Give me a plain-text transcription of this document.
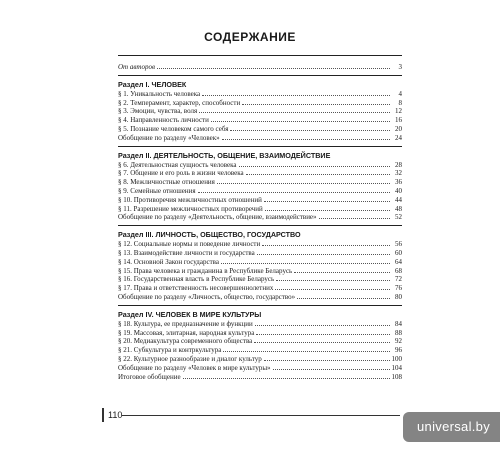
СОДЕРЖАНИЕ
От авторов	3
Раздел I. ЧЕЛОВЕК
§ 1. Уникальность человека	4
§ 2. Темперамент, характер, способности	8
§ 3. Эмоции, чувства, воля	12
§ 4. Направленность личности	16
§ 5. Познание человеком самого себя	20
Обобщение по разделу «Человек»	24
Раздел II. ДЕЯТЕЛЬНОСТЬ, ОБЩЕНИЕ, ВЗАИМОДЕЙСТВИЕ
§ 6. Деятельностная сущность человека	28
§ 7. Общение и его роль в жизни человека	32
§ 8. Межличностные отношения	36
§ 9. Семейные отношения	40
§ 10. Противоречия межличностных отношений	44
§ 11. Разрешение межличностных противоречий	48
Обобщение по разделу «Деятельность, общение, взаимодействие»	52
Раздел III. ЛИЧНОСТЬ, ОБЩЕСТВО, ГОСУДАРСТВО
§ 12. Социальные нормы и поведение личности	56
§ 13. Взаимодействие личности и государства	60
§ 14. Основной Закон государства	64
§ 15. Права человека и гражданина в Республике Беларусь	68
§ 16. Государственная власть в Республике Беларусь	72
§ 17. Права и ответственность несовершеннолетних	76
Обобщение по разделу «Личность, общество, государство»	80
Раздел IV. ЧЕЛОВЕК В МИРЕ КУЛЬТУРЫ
§ 18. Культура, ее предназначение и функции	84
§ 19. Массовая, элитарная, народная культура	88
§ 20. Медиакультура современного общества	92
§ 21. Субкультура и контркультура	96
§ 22. Культурное разнообразие и диалог культур	100
Обобщение по разделу «Человек в мире культуры»	104
Итоговое обобщение	108
110
universal.by
